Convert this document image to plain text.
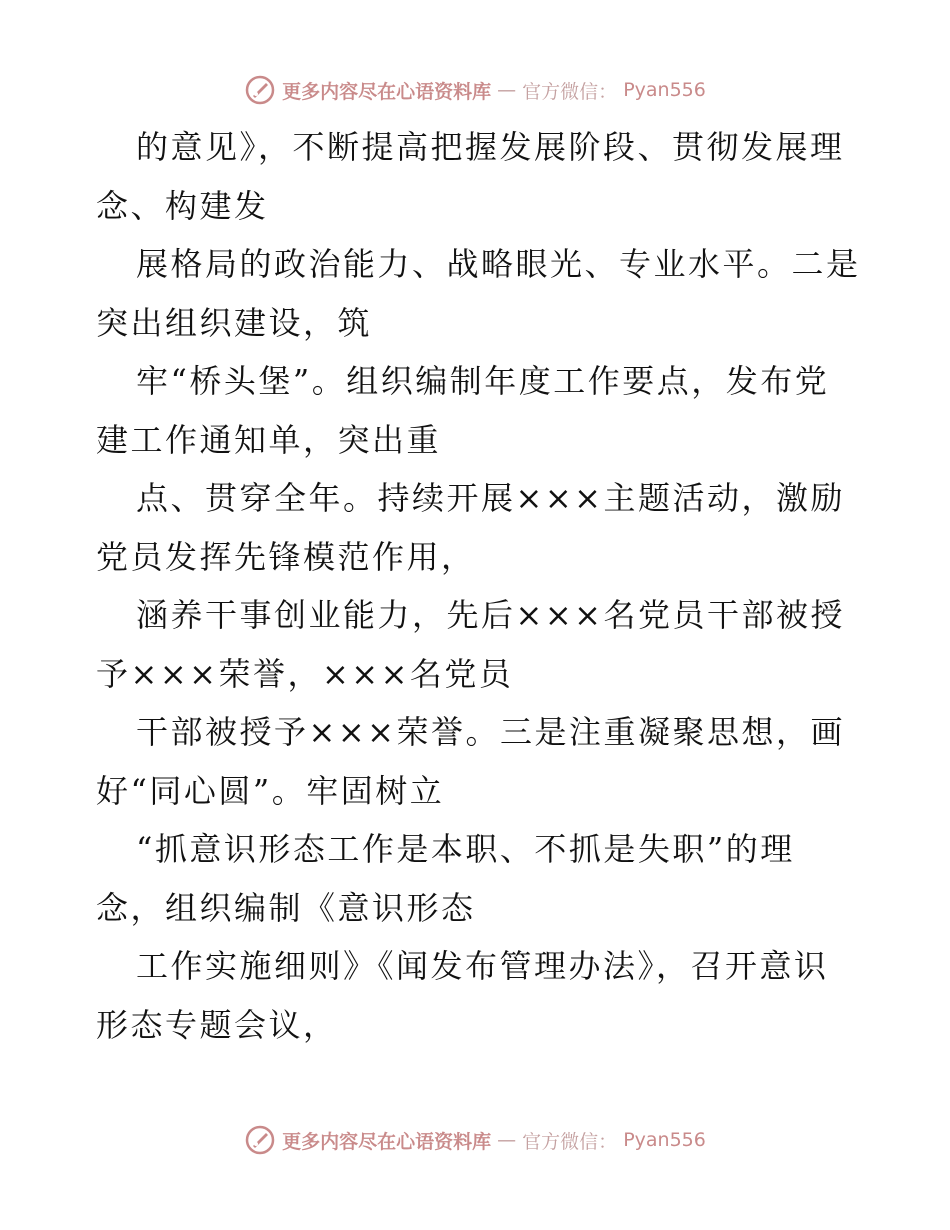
更多内容尽在心语资料库 — 官方微信： Pyan556
的意见》，不断提高把握发展阶段、贯彻发展理
念、构建发
展格局的政治能力、战略眼光、专业水平。二是
突出组织建设，筑
牢“桥头堡”。组织编制年度工作要点，发布党
建工作通知单，突出重
点、贯穿全年。持续开展×××主题活动，激励
党员发挥先锋模范作用，
涵养干事创业能力，先后×××名党员干部被授
予×××荣誉，×××名党员
干部被授予×××荣誉。三是注重凝聚思想，画
好“同心圆”。牢固树立
“抓意识形态工作是本职、不抓是失职”的理
念，组织编制《意识形态
工作实施细则》《闻发布管理办法》，召开意识
形态专题会议，
更多内容尽在心语资料库 — 官方微信： Pyan556
